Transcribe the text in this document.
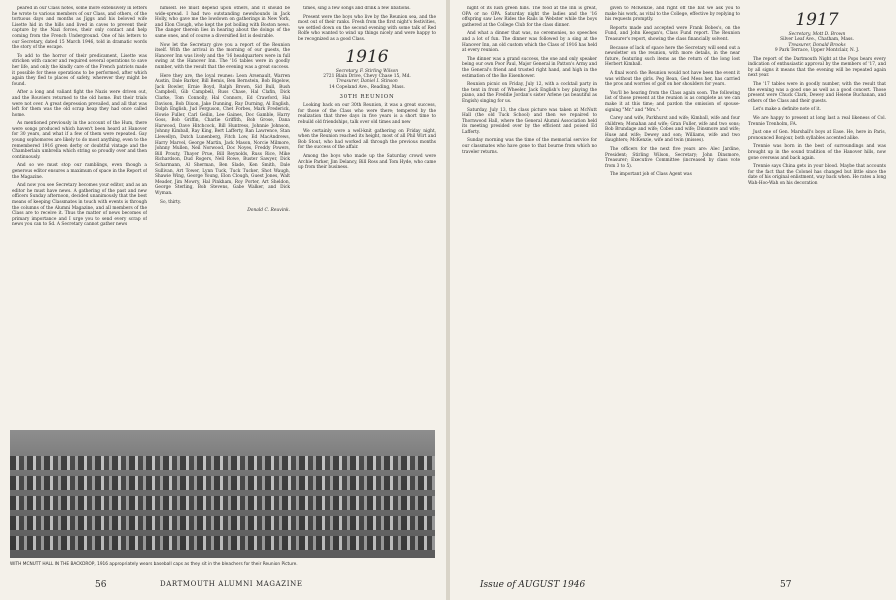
peared in our Class notes, some more extensively in letters he wrote to various members of our Class, and others, of the tortuous days and months as Jiggs and his beloved wife Lisette hid in the hills and lived in caves to prevent their capture by the Nazi forces, their only contact and help coming from the French Underground. One of his letters to our Secretary, dated 15 March 1946, told in dramatic words the story of the escape.

To add to the horror of their predicament, Lisette was stricken with cancer and required several operations to save her life, and only the kindly care of the French patriots made it possible for these operations to be performed, after which again they fled to places of safety, wherever they might be found.

After a long and valiant fight the Nazis were driven out, and the Rouviers returned to the old home. But their trials were not over. A great depression prevailed, and all that was left for them was the old scrap heap they had once called home.

As mentioned previously in the account of the Hum, there were songs produced which haven't been heard at Hanover for 30 years, and what if a few of them were repeated. Gay young sophomores are likely to do most anything, even to the remembered 1916 green derby or doubtful vintage and the Chamberlain umbrella which string so proudly over and then continuously.

And so we must stop our ramblings, even though a generous editor ensures a maximum of space in the Report of the Magazine.

And now you see Secretary becomes your editor, and as an editor he must have news. A gathering of the past and new officers Sunday afternoon, decided unanimously that the best means of keeping Classmates in touch with events is through the columns of the Alumni Magazine, and all members of the Class are to receive it. Thus the matter of news becomes of primary importance and I urge you to send every scrap of news you can to Sd. A Secretary cannot gather news

himself. He must depend upon others, and it should be wide-spread. I had two outstanding newshounds in Jack Holly, who gave me the lowdown on gatherings in New York, and Elon Clough, who kept the pot boiling with Boston news. The danger therein lies in hearing about the doings of the same ones, and of course a diversified list is desirable.

Now let the Secretary give you a report of the Reunion itself. With the arrival in the morning of our guests, the Hanover Inn was lively and the '16 headquarters were in full swing at the Hanover Inn. The '16 tables were in goodly number, with the result that the evening was a great success.

Here they are, the loyal reunes: Leon Arsenault, Warren Austin, Dale Barker, Bill Bemis, Ben Bernstein, Bob Bigelow, Jack Bowler, Ernie Boyd, Ralph Brown, Sid Bull, Bush Campbell, Gib Campbell, Russ Chase, Hal Clafin, Dick Clarke, Tom Connolly, Hal Connors, Ed Crawford, Hal Davison, Bob Dixon, Jake Dunning, Ray Durning, Al English, Dolph English, Jud Ferguson, Chet Forbes, Mark Frederick, Howie Fuller, Carl Geilin, Lee Gaines, Doc Gamble, Harry Goss, Bob Griffin, Charlie Griffith, Bob Grose, Dana Harwood, Dave Hitchcock, Bill Huntress, Johnnie Johnson, Johnny Kimball, Ray King, Bert Lafferty, Ran Lawrence, Stan Llewellyn, Dutch Lunenberg, Fitch Low, Ed MacAndrews, Harry Marvel, George Martin, Jack Mason, Norcie Milmore, Johnny Mullen, Neil Norwood, Doc Noyes, Freddy Powers, Bill Prouty, Thayer Prue, Bill Reynolds, Russ Rice, Mike Richardson, Dud Rogers, Nell Rowe, Buster Sawyer, Dick Scharmann, Al Sherman, Ben Slade, Ken Smith, Dale Sullivan, Art Tower, Lynn Tuck, Tuck Tucker, Shot Waugh, Shawie Wing, George Young, Elon Clough, Guest Jones, Walt Meader, Jim Mowry, Hal Pinkham, Roy Porter, Art Sheldon, George Sterling, Bob Stevens, Gabe Walker, and Dick Wyman.

So, thirty.

Donald C. Reuvink.

times, sing a few songs and drink a few libations.

Present were the boys who live by the Reunion sea, and the most out of their ranks. Fresh from the first night's festivities, we settled down on the second evening with some talk of Red Rolfe who wanted to wind up things nicely and were happy to be recognized as a good Class.

1916
Secretary, F. Stirling Wilson
2721 Blain Drive, Chevy Chase 15, Md.
Treasurer, Daniel I. Stinson
14 Copeland Ave., Reading, Mass.
30TH REUNION

Looking back on our 30th Reunion, it was a great success, for those of the Class who were there; tempered by the realization that three days in five years is a short time to rebuild old friendships, talk over old times and new

We certainly were a well-knit gathering on Friday night, when the Reunion reached its height, most of all Phil Wirt and Bob Stout, who had worked all through the previous months for the success of the affair.

Among the boys who made up the Saturday crowd were Archie Parker, Jim Delancy, Bill Ross and Tom Hyde, who came up from their business.

WITH MCNUTT HALL IN THE BACKDROP, 1916 appropriately wears baseball caps as they sit in the bleachers for their Reunion Picture.
56	DARTMOUTH ALUMNI MAGAZINE

night of its lush green hills. The food at the Inn is great, OPA or no OPA. Saturday night the ladies and the '16 offspring saw Lew Rides the Rails in Webster while the boys gathered at the College Club for the class dinner.

And what a dinner that was, no ceremonies, no speeches and a lot of fun. The dinner was followed by a sing at the Hanover Inn, an old custom which the Class of 1916 has held at every reunion.

The dinner was a grand success, the one and only speaker being our own Poor Paul, Major General in Patton's Army and the General's friend and trusted right hand, and high in the estimation of the Ike Eisenhower.

Reunion picnic on Friday, July 12, with a cocktail party in the tent in front of Wheeler. Jack English's boy playing the piano, and the Freddie Jordan's sister Arlene (as beautiful as Engish) singing for us.

Saturday, July 13, the class picture was taken at McNutt Hall (the old Tuck School) and then we repaired to Thornwood Hall, where the General Alumni Association held its meeting presided over by the efficient and poised Ed Lafferty.

Sunday morning was the time of the memorial service for our classmates who have gone to that bourne from which no traveler returns.

given to McKenzie, and right off the bat we ask you to make his work, as vital to the College, effective by replying to his requests promptly.

Reports made and accepted were Frank Bobes's, on the Fund, and John Keegan's, Class Fund report. The Reunion Treasurer's report, showing the class financially solvent.

Because of lack of space here the Secretary will send out a newsletter on the reunion, with more details, in the near future, featuring such items as the return of the long lost Herbert Kimball.

A final word: the Reunion would not have been the event it was without the girls. Peg Bean, Ged Mess her, has carried the pros and worries of golf on her shoulders for years.

You'll be hearing from the Class again soon. The following list of those present at the reunion is as complete as we can make it at this time; and pardon the omission of spouse-signing "Mr." and "Mrs.":

Carey and wife, Parkhurst and wife; Kimball, wife and four children; Monahan and wife; Gran Fuller, wife and two sons; Bob Brundage and wife; Cobes and wife; Dinsmore and wife; Huse and wife; Dewey and son; Williams, wife and two daughters; McKenzie, wife and twin (misses).

The officers for the next five years are: Alec Jardine, President; Stirling Wilson, Secretary; John Dinsmore, Treasurer; Executive Committee (increased by class vote from 3 to 5).

The important job of Class Agent was

1917
Secretary, Mott D. Brown
Silver Leaf Ave., Chatham, Mass.
Treasurer, Donald Brooks
9 Park Terrace, Upper Montclair, N. J.

The report of the Dartmouth Night at the Pops bears every indication of enthusiastic approval by the members of '17, and by all signs it means that the evening will be repeated again next year.

The '17 tables were in goodly number, with the result that the evening was a good one as well as a good concert. Those present were Chuck Clark, Dewey and Helene Buchanan, and others of the Class and their guests.

Let's make a definite note of it.

We are happy to present at long last a real likeness of Col. Trennie Trenholm, FA.

Just one of Gen. Marshall's boys at Ease. He, here in Paris, pronounced Bonjour, both syllables accented alike.

Trennie was born in the best of surroundings and was brought up in the sound tradition of the Hanover hills, now gone overseas and back again.

Trennie says China gets in your blood. Maybe that accounts for the fact that the Colonel has changed but little since the date of his original enlistment, way back when. He rates a long Wah-Hoo-Wah on his decoration

Issue of AUGUST 1946	57
